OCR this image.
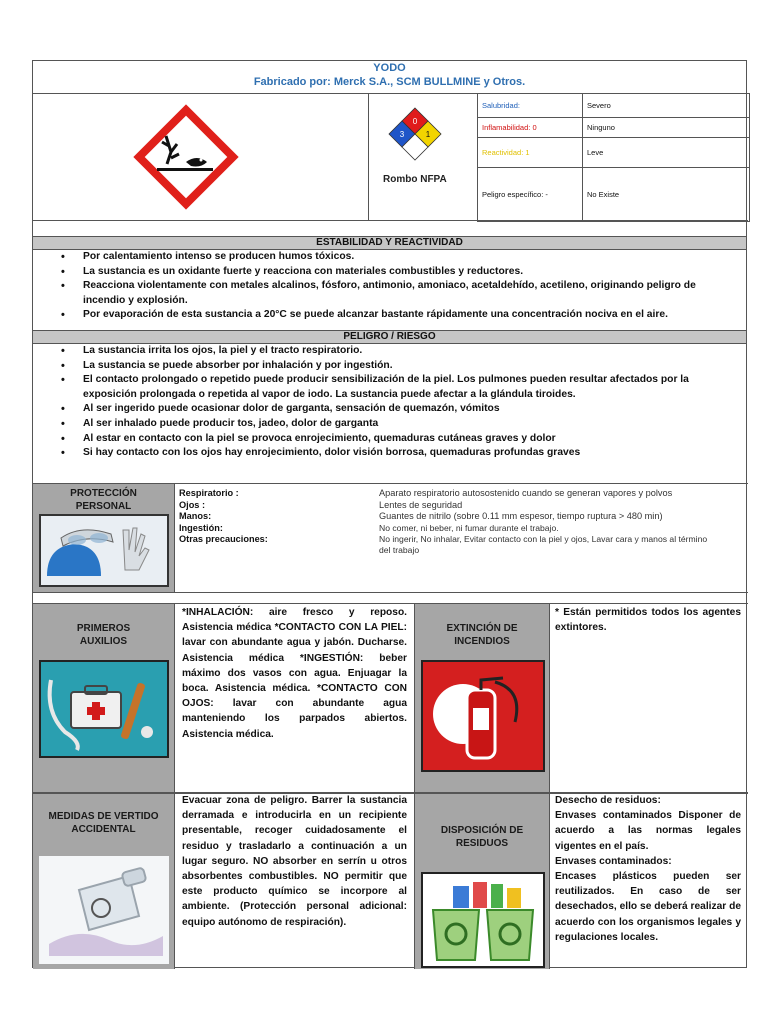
YODO
Fabricado por: Merck S.A., SCM BULLMINE y Otros.
0
3	1
Rombo NFPA
Salubridad:	Severo
Inflamabilidad: 0	Ninguno
Reactividad: 1	Leve
Peligro específico: -	No Existe
ESTABILIDAD Y REACTIVIDAD
• Por calentamiento intenso se producen humos tóxicos.
• La sustancia es un oxidante fuerte y reacciona con materiales combustibles y reductores.
• Reacciona violentamente con metales alcalinos, fósforo, antimonio, amoniaco, acetaldehído, acetileno, originando peligro de incendio y explosión.
• Por evaporación de esta sustancia a 20°C se puede alcanzar bastante rápidamente una concentración nociva en el aire.
PELIGRO / RIESGO
• La sustancia irrita los ojos, la piel y el tracto respiratorio.
• La sustancia se puede absorber por inhalación y por ingestión.
• El contacto prolongado o repetido puede producir sensibilización de la piel. Los pulmones pueden resultar afectados por la exposición prolongada o repetida al vapor de iodo. La sustancia puede afectar a la glándula tiroides.
• Al ser ingerido puede ocasionar dolor de garganta, sensación de quemazón, vómitos
• Al ser inhalado puede producir tos, jadeo, dolor de garganta
• Al estar en contacto con la piel se provoca enrojecimiento, quemaduras cutáneas graves y dolor
• Si hay contacto con los ojos hay enrojecimiento, dolor visión borrosa, quemaduras profundas graves
PROTECCIÓN PERSONAL
Respiratorio :	Aparato respiratorio autosostenido cuando se generan vapores y polvos
Ojos :	Lentes de seguridad
Manos:	Guantes de nitrilo (sobre 0.11 mm espesor, tiempo ruptura > 480 min)
Ingestión:	No comer, ni beber, ni fumar durante el trabajo.
Otras precauciones:	No ingerir, No inhalar, Evitar contacto con la piel y ojos, Lavar cara y manos al término del trabajo
PRIMEROS AUXILIOS
*INHALACIÓN: aire fresco y reposo. Asistencia médica *CONTACTO CON LA PIEL: lavar con abundante agua y jabón. Ducharse. Asistencia médica *INGESTIÓN: beber máximo dos vasos con agua. Enjuagar la boca. Asistencia médica. *CONTACTO CON OJOS: lavar con abundante agua manteniendo los parpados abiertos. Asistencia médica.
EXTINCIÓN DE INCENDIOS
* Están permitidos todos los agentes extintores.
MEDIDAS DE VERTIDO ACCIDENTAL
Evacuar zona de peligro. Barrer la sustancia derramada e introducirla en un recipiente presentable, recoger cuidadosamente el residuo y trasladarlo a continuación a un lugar seguro. NO absorber en serrín u otros absorbentes combustibles. NO permitir que este producto químico se incorpore al ambiente. (Protección personal adicional: equipo autónomo de respiración).
DISPOSICIÓN DE RESIDUOS
Desecho de residuos:
Envases contaminados Disponer de acuerdo a las normas legales vigentes en el país.
Envases contaminados:
Encases plásticos pueden ser reutilizados. En caso de ser desechados, ello se deberá realizar de acuerdo con los organismos legales y regulaciones locales.
